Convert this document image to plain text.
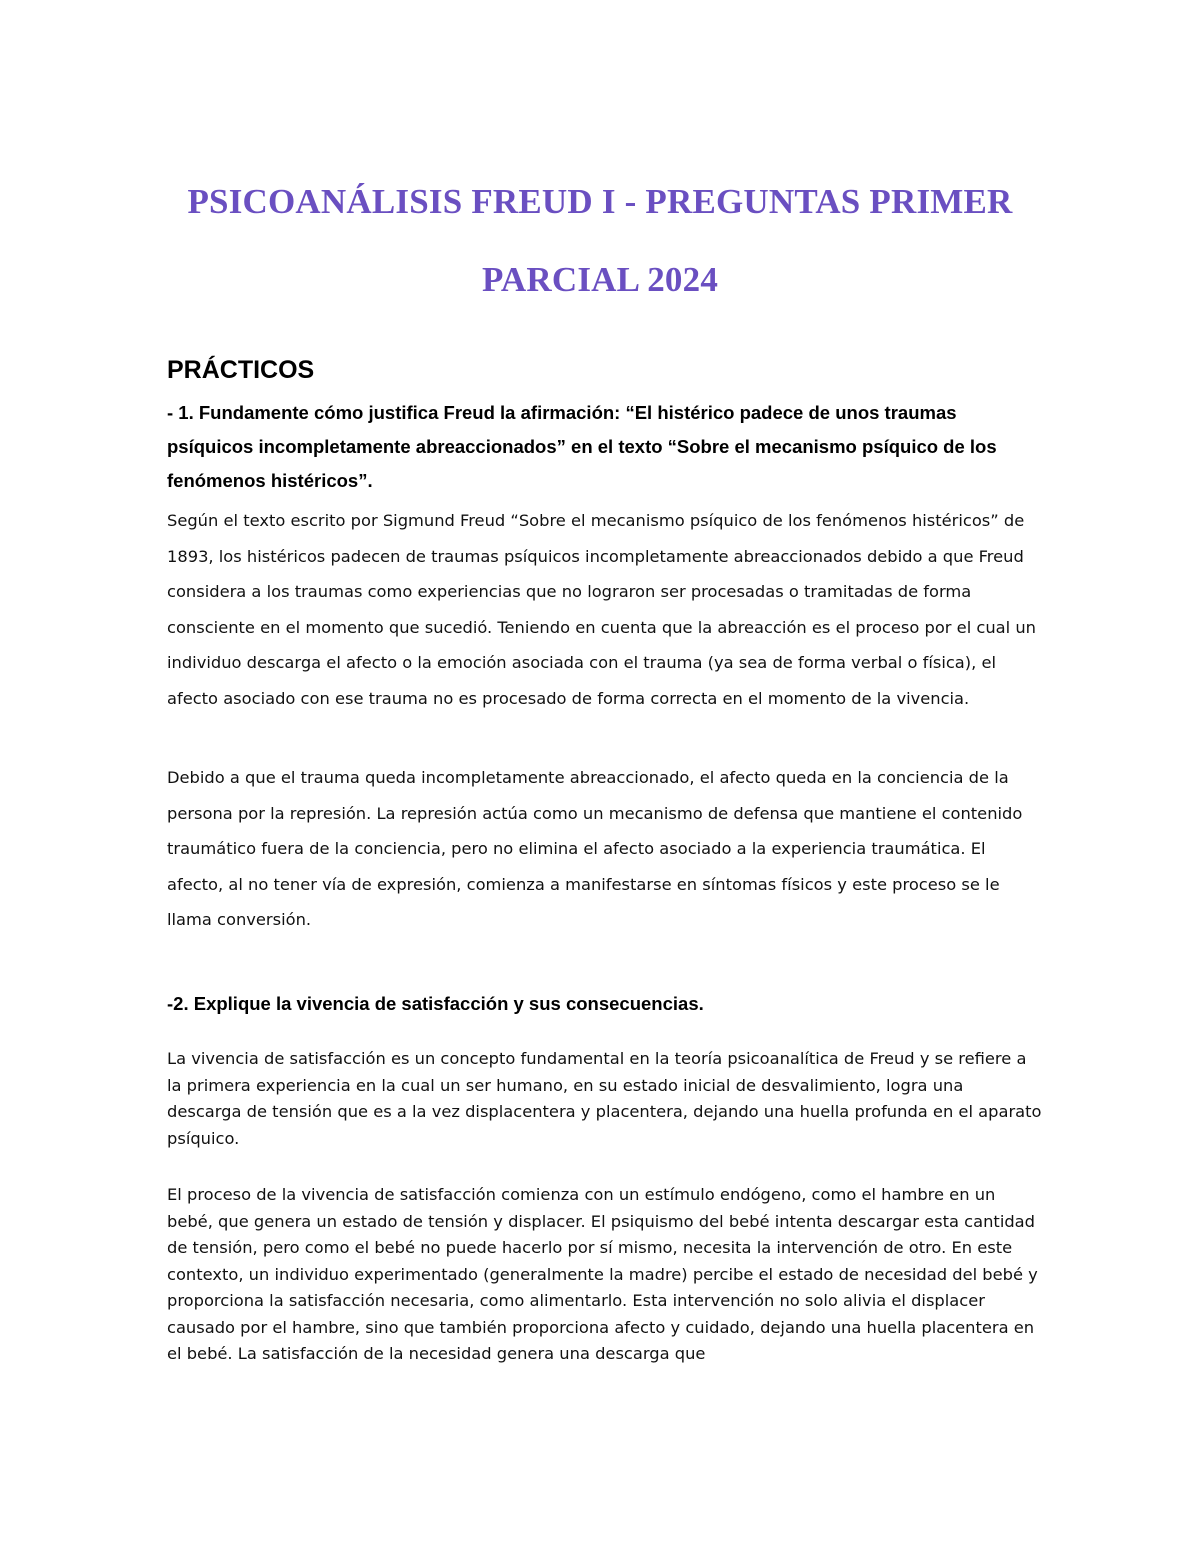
PSICOANÁLISIS FREUD I - PREGUNTAS PRIMER
PARCIAL 2024
PRÁCTICOS

- 1. Fundamente cómo justifica Freud la afirmación: “El histérico padece de unos traumas psíquicos incompletamente abreaccionados” en el texto “Sobre el mecanismo psíquico de los fenómenos histéricos”.

Según el texto escrito por Sigmund Freud “Sobre el mecanismo psíquico de los fenómenos histéricos” de 1893, los histéricos padecen de traumas psíquicos incompletamente abreaccionados debido a que Freud considera a los traumas como experiencias que no lograron ser procesadas o tramitadas de forma consciente en el momento que sucedió. Teniendo en cuenta que la abreacción es el proceso por el cual un individuo descarga el afecto o la emoción asociada con el trauma (ya sea de forma verbal o física), el afecto asociado con ese trauma no es procesado de forma correcta en el momento de la vivencia.

Debido a que el trauma queda incompletamente abreaccionado, el afecto queda en la conciencia de la persona por la represión. La represión actúa como un mecanismo de defensa que mantiene el contenido traumático fuera de la conciencia, pero no elimina el afecto asociado a la experiencia traumática. El afecto, al no tener vía de expresión, comienza a manifestarse en síntomas físicos y este proceso se le llama conversión.

-2. Explique la vivencia de satisfacción y sus consecuencias.

La vivencia de satisfacción es un concepto fundamental en la teoría psicoanalítica de Freud y se refiere a la primera experiencia en la cual un ser humano, en su estado inicial de desvalimiento, logra una descarga de tensión que es a la vez displacentera y placentera, dejando una huella profunda en el aparato psíquico.

El proceso de la vivencia de satisfacción comienza con un estímulo endógeno, como el hambre en un bebé, que genera un estado de tensión y displacer. El psiquismo del bebé intenta descargar esta cantidad de tensión, pero como el bebé no puede hacerlo por sí mismo, necesita la intervención de otro. En este contexto, un individuo experimentado (generalmente la madre) percibe el estado de necesidad del bebé y proporciona la satisfacción necesaria, como alimentarlo. Esta intervención no solo alivia el displacer causado por el hambre, sino que también proporciona afecto y cuidado, dejando una huella placentera en el bebé. La satisfacción de la necesidad genera una descarga que
